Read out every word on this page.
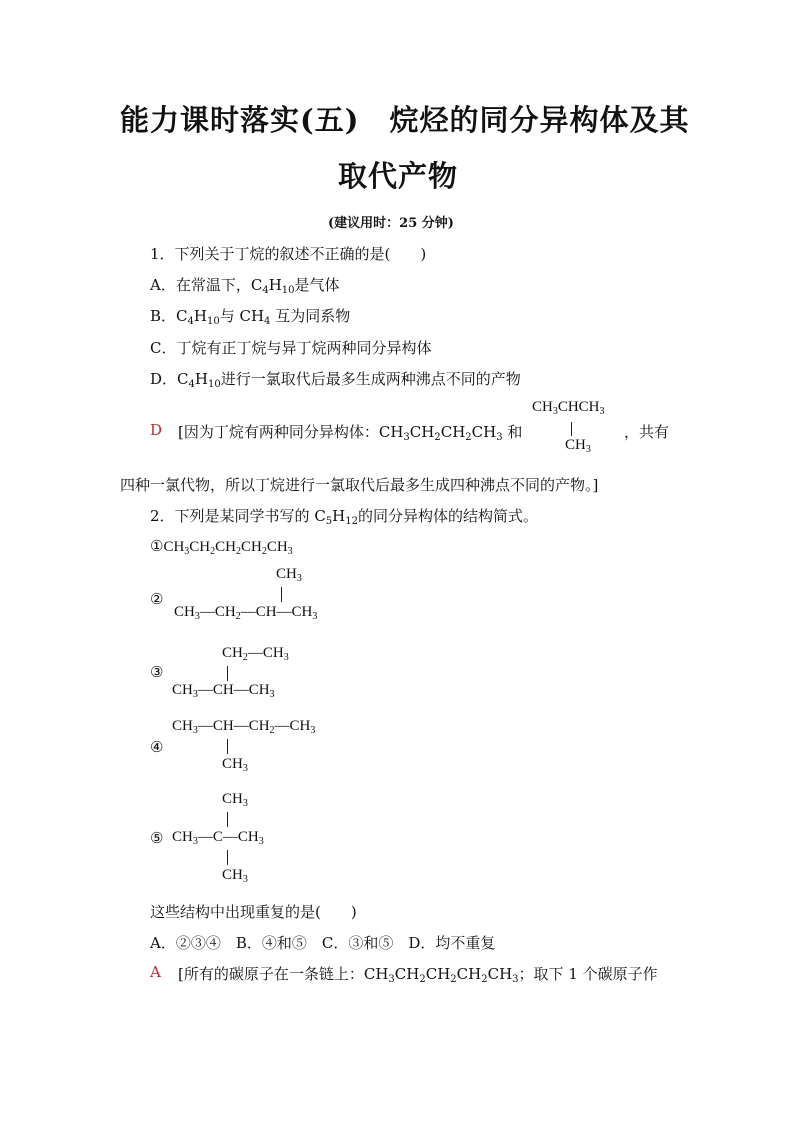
能力课时落实(五)　烷烃的同分异构体及其
取代产物
(建议用时：25 分钟)
1．下列关于丁烷的叙述不正确的是(　　)
A．在常温下，$C_4H_{10}$是气体
B．$C_4H_{10}$与 $CH_4$ 互为同系物
C．丁烷有正丁烷与异丁烷两种同分异构体
D．$C_4H_{10}$进行一氯取代后最多生成两种沸点不同的产物
D [因为丁烷有两种同分异构体：$CH_3CH_2CH_2CH_3$ 和
$CH_3CHCH_3$
$CH_3$
，共有
四种一氯代物，所以丁烷进行一氯取代后最多生成四种沸点不同的产物。]
2．下列是某同学书写的 $C_5H_{12}$的同分异构体的结构简式。
$①CH_3CH_2CH_2CH_2CH_3$
②
$CH_3$
$CH_3—CH_2—CH—CH_3$
③
$CH_2—CH_3$
$CH_3—CH—CH_3$
④
$CH_3—CH—CH_2—CH_3$
$CH_3$
$CH_3$
⑤ $CH_3—C—CH_3$
$CH_3$
这些结构中出现重复的是(　　)
A．②③④　B．④和⑤　C．③和⑤　D．均不重复
A [所有的碳原子在一条链上：$CH_3CH_2CH_2CH_2CH_3$；取下 1 个碳原子作
